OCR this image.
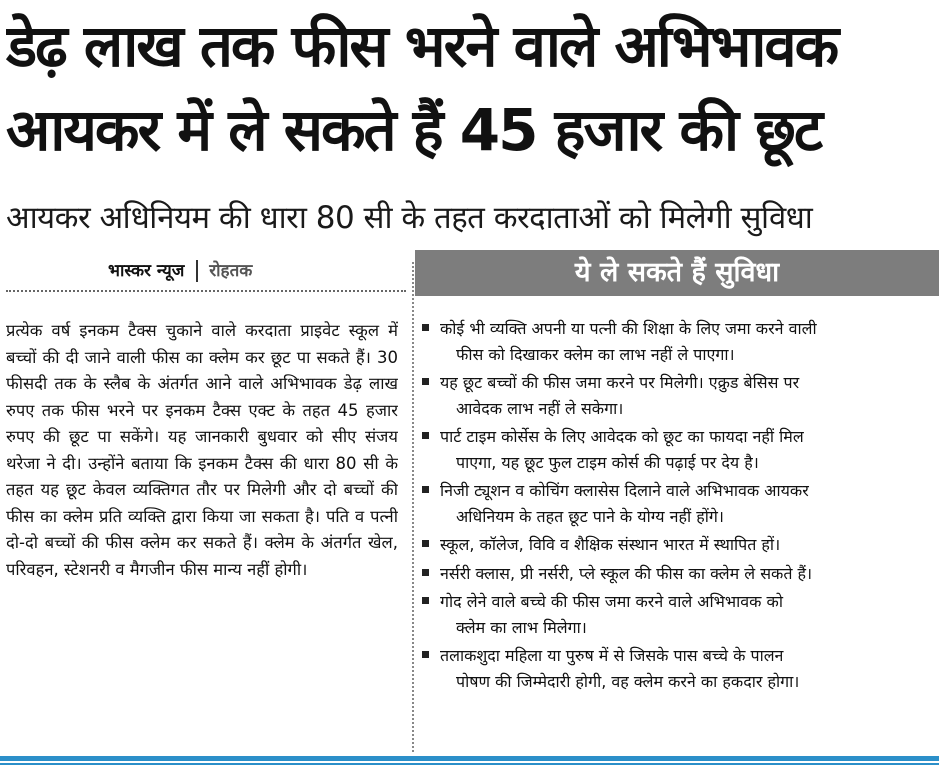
डेढ़ लाख तक फीस भरने वाले अभिभावक
आयकर में ले सकते हैं 45 हजार की छूट
आयकर अधिनियम की धारा 80 सी के तहत करदाताओं को मिलेगी सुविधा
भास्कर न्यूज रोहतक
प्रत्येक वर्ष इनकम टैक्स चुकाने वाले करदाता प्राइवेट स्कूल में बच्चों की दी जाने वाली फीस का क्लेम कर छूट पा सकते हैं। 30 फीसदी तक के स्लैब के अंतर्गत आने वाले अभिभावक डेढ़ लाख रुपए तक फीस भरने पर इनकम टैक्स एक्ट के तहत 45 हजार रुपए की छूट पा सकेंगे। यह जानकारी बुधवार को सीए संजय थरेजा ने दी। उन्होंने बताया कि इनकम टैक्स की धारा 80 सी के तहत यह छूट केवल व्यक्तिगत तौर पर मिलेगी और दो बच्चों की फीस का क्लेम प्रति व्यक्ति द्वारा किया जा सकता है। पति व पत्नी दो-दो बच्चों की फीस क्लेम कर सकते हैं। क्लेम के अंतर्गत खेल, परिवहन, स्टेशनरी व मैगजीन फीस मान्य नहीं होगी।
ये ले सकते हैं सुविधा
कोई भी व्यक्ति अपनी या पत्नी की शिक्षा के लिए जमा करने वाली
फीस को दिखाकर क्लेम का लाभ नहीं ले पाएगा।
यह छूट बच्चों की फीस जमा करने पर मिलेगी। एक्रुड बेसिस पर
आवेदक लाभ नहीं ले सकेगा।
पार्ट टाइम कोर्सेस के लिए आवेदक को छूट का फायदा नहीं मिल
पाएगा, यह छूट फुल टाइम कोर्स की पढ़ाई पर देय है।
निजी ट्यूशन व कोचिंग क्लासेस दिलाने वाले अभिभावक आयकर
अधिनियम के तहत छूट पाने के योग्य नहीं होंगे।
स्कूल, कॉलेज, विवि व शैक्षिक संस्थान भारत में स्थापित हों।
नर्सरी क्लास, प्री नर्सरी, प्ले स्कूल की फीस का क्लेम ले सकते हैं।
गोद लेने वाले बच्चे की फीस जमा करने वाले अभिभावक को
क्लेम का लाभ मिलेगा।
तलाकशुदा महिला या पुरुष में से जिसके पास बच्चे के पालन
पोषण की जिम्मेदारी होगी, वह क्लेम करने का हकदार होगा।
